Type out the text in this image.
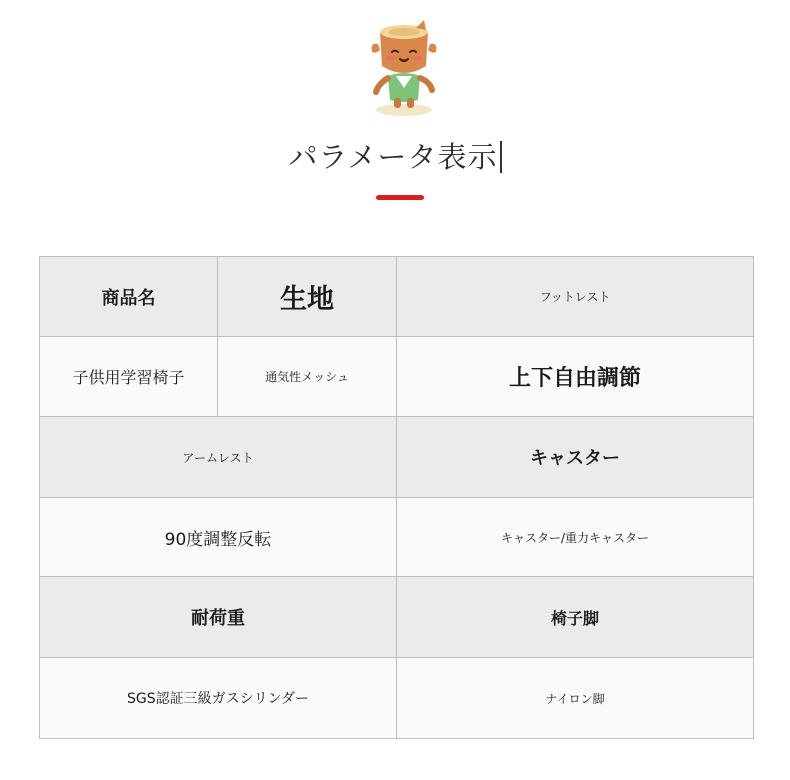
パラメータ表示
商品名	生地	フットレスト
子供用学習椅子	通気性メッシュ	上下自由調節
アームレスト		キャスター
90度調整反転		キャスター/重力キャスター
耐荷重		椅子脚
SGS認証三級ガスシリンダー		ナイロン脚
